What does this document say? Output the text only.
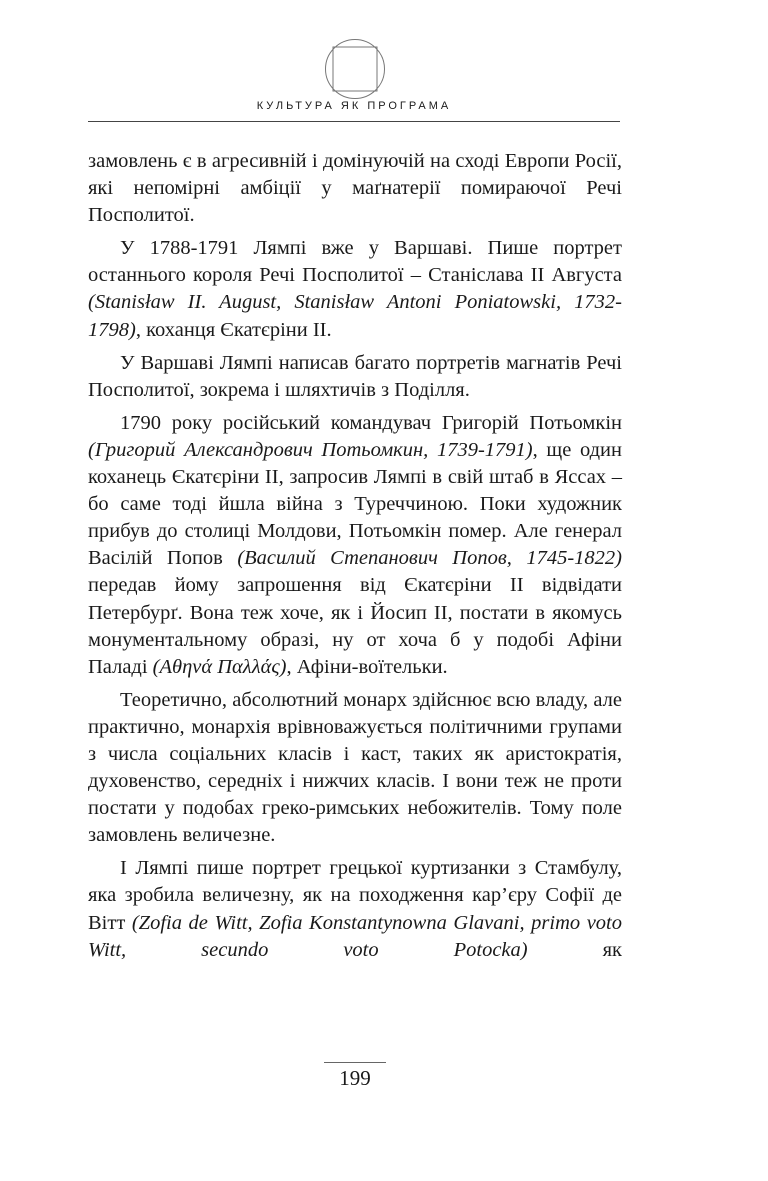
КУЛЬТУРА ЯК ПРОГРАМА

замовлень є в агресивній і домінуючій на сході Европи Росії, які непомірні амбіції у маґнатерії помираючої Речі Посполитої.

У 1788-1791 Лямпі вже у Варшаві. Пише портрет останнього короля Речі Посполитої – Станіслава ІІ Августа (Stanisław II. August, Stanisław Antoni Poniatowski, 1732-1798), коханця Єкатєріни ІІ.

У Варшаві Лямпі написав багато портретів магнатів Речі Посполитої, зокрема і шляхтичів з Поділля.

1790 року російський командувач Григорій Потьомкін (Григорий Александрович Потьомкин, 1739-1791), ще один коханець Єкатєріни ІІ, запросив Лямпі в свій штаб в Яссах – бо саме тоді йшла війна з Туреччиною. Поки художник прибув до столиці Молдови, Потьомкін помер. Але генерал Васілій Попов (Василий Степанович Попов, 1745-1822) передав йому запрошення від Єкатєріни ІІ відвідати Петербурґ. Вона теж хоче, як і Йосип ІІ, постати в якомусь монументальному образі, ну от хоча б у подобі Афіни Паладі (Αθηνά Παλλάς), Афіни-воїтельки.

Теоретично, абсолютний монарх здійснює всю владу, але практично, монархія врівноважується політичними групами з числа соціальних класів і каст, таких як аристократія, духовенство, середніх і нижчих класів. І вони теж не проти постати у подобах греко-римських небожителів. Тому поле замовлень величезне.

І Лямпі пише портрет грецької куртизанки з Стамбулу, яка зробила величезну, як на походження кар’єру Софії де Вітт (Zofia de Witt, Zofia Konstantynowna Glavani, primo voto Witt, secundo voto Potocka) як

199
